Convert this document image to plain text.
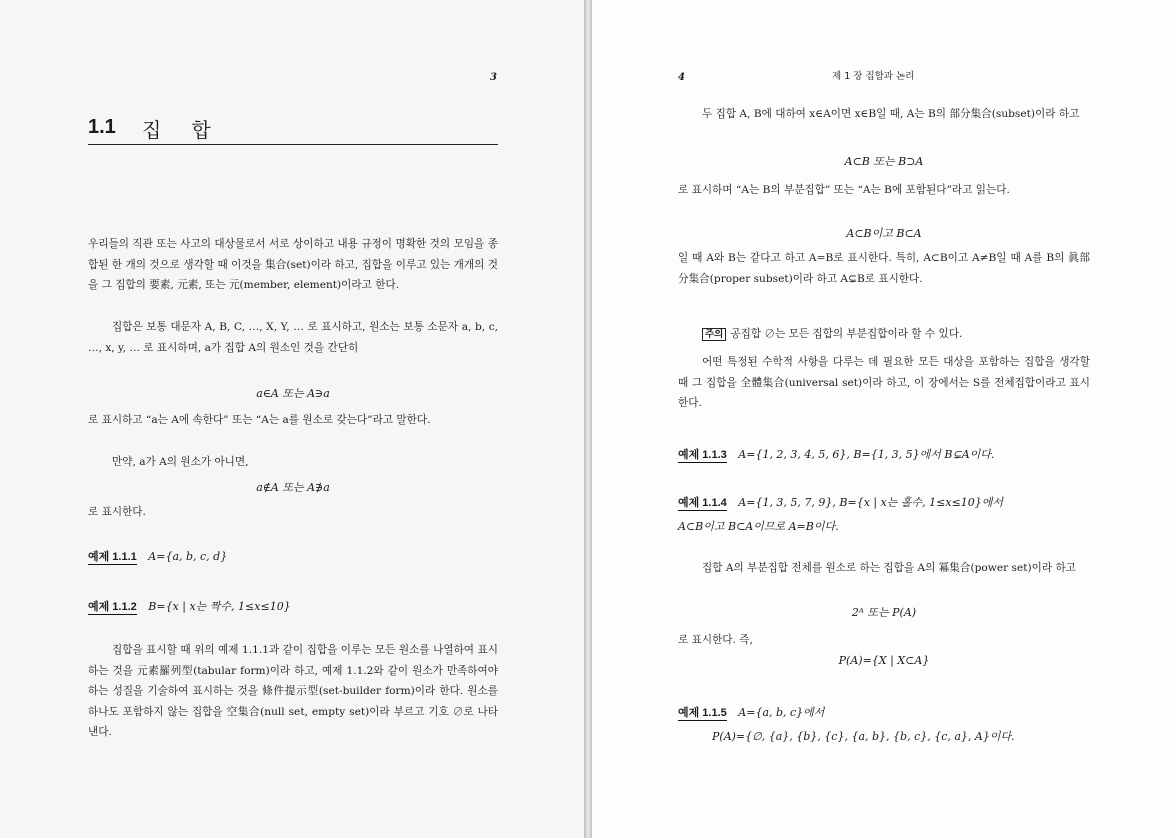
3
1.1 집합
우리들의 직관 또는 사고의 대상물로서 서로 상이하고 내용 규정이 명확한 것의 모임을 종합된 한 개의 것으로 생각할 때 이것을 集合(set)이라 하고, 집합을 이루고 있는 개개의 것을 그 집합의 要素, 元素, 또는 元(member, element)이라고 한다.
집합은 보통 대문자 A, B, C, …, X, Y, … 로 표시하고, 원소는 보통 소문자 a, b, c, …, x, y, … 로 표시하며, a가 집합 A의 원소인 것을 간단히
a∈A 또는 A∋a
로 표시하고 “a는 A에 속한다” 또는 “A는 a를 원소로 갖는다”라고 말한다.
만약, a가 A의 원소가 아니면,
a∉A 또는 A∌a
로 표시한다.
예제 1.1.1 A={a, b, c, d}
예제 1.1.2 B={x | x는 짝수, 1≤x≤10}
집합을 표시할 때 위의 예제 1.1.1과 같이 집합을 이루는 모든 원소를 나열하여 표시하는 것을 元素羅列型(tabular form)이라 하고, 예제 1.1.2와 같이 원소가 만족하여야 하는 성질을 기술하여 표시하는 것을 條件提示型(set-builder form)이라 한다. 원소를 하나도 포함하지 않는 집합을 空集合(null set, empty set)이라 부르고 기호 ∅로 나타낸다.
4	제 1 장 집합과 논리
두 집합 A, B에 대하여 x∈A이면 x∈B일 때, A는 B의 部分集合(subset)이라 하고
A⊂B 또는 B⊃A
로 표시하며 “A는 B의 부분집합” 또는 “A는 B에 포함된다”라고 읽는다.
A⊂B이고 B⊂A
일 때 A와 B는 같다고 하고 A=B로 표시한다. 특히, A⊂B이고 A≠B일 때 A를 B의 眞部分集合(proper subset)이라 하고 A⊊B로 표시한다.
주의 공집합 ∅는 모든 집합의 부분집합이라 할 수 있다.
어떤 특정된 수학적 사항을 다루는 데 필요한 모든 대상을 포함하는 집합을 생각할 때 그 집합을 全體集合(universal set)이라 하고, 이 장에서는 S를 전체집합이라고 표시한다.
예제 1.1.3 A={1, 2, 3, 4, 5, 6}, B={1, 3, 5}에서 B⊊A이다.
예제 1.1.4 A={1, 3, 5, 7, 9}, B={x | x는 홀수, 1≤x≤10}에서
A⊂B이고 B⊂A이므로 A=B이다.
집합 A의 부분집합 전체를 원소로 하는 집합을 A의 冪集合(power set)이라 하고
2ᴬ 또는 P(A)
로 표시한다. 즉,
P(A)={X | X⊂A}
예제 1.1.5 A={a, b, c}에서
P(A)={∅, {a}, {b}, {c}, {a, b}, {b, c}, {c, a}, A}이다.
